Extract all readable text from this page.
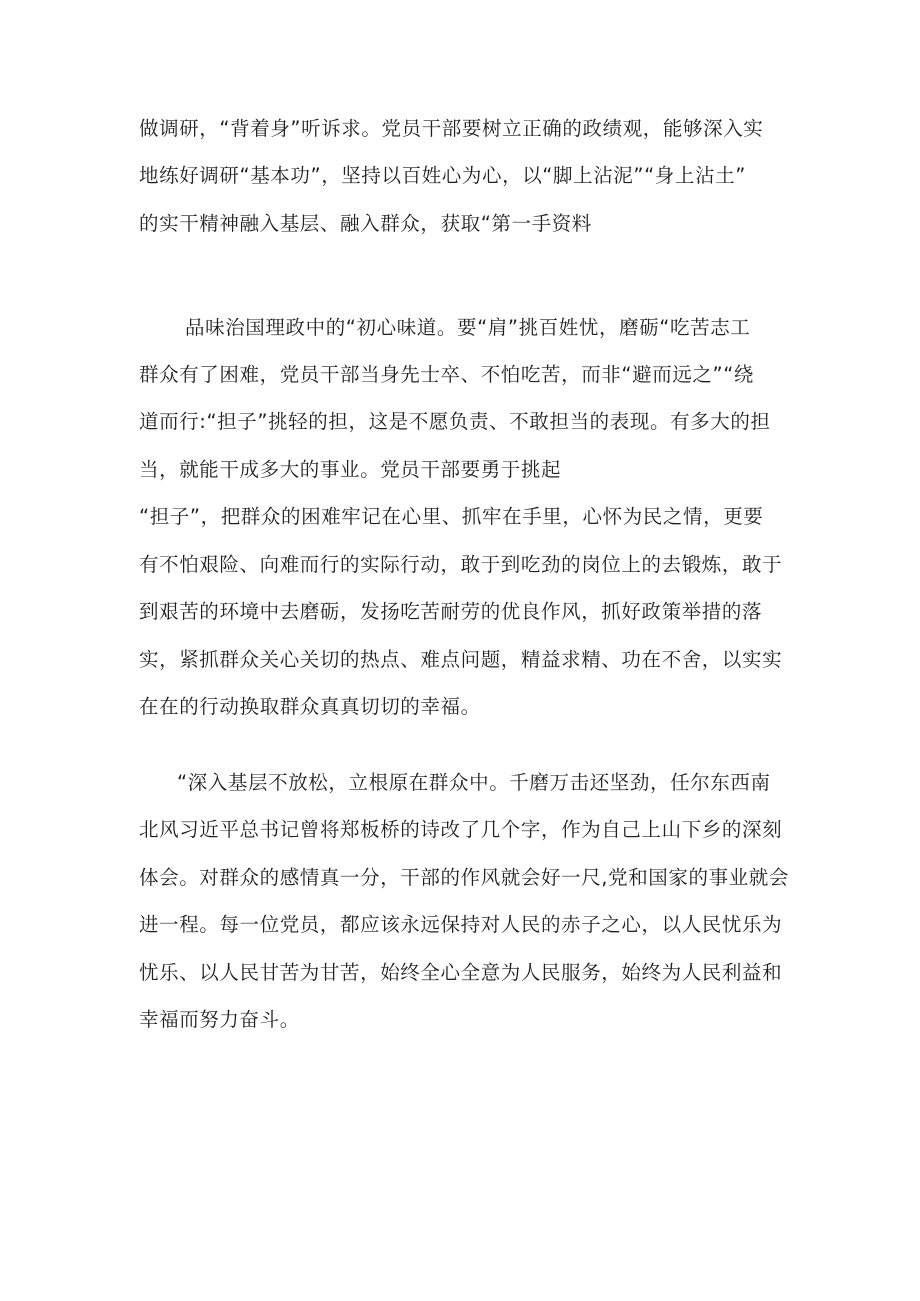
做调研，“背着身”听诉求。党员干部要树立正确的政绩观，能够深入实
地练好调研“基本功”，坚持以百姓心为心，以“脚上沾泥”“身上沾土”
的实干精神融入基层、融入群众，获取“第一手资料
品味治国理政中的“初心味道。要“肩”挑百姓忧，磨砺“吃苦志工
群众有了困难，党员干部当身先士卒、不怕吃苦，而非“避而远之”“绕
道而行:“担子”挑轻的担，这是不愿负责、不敢担当的表现。有多大的担
当，就能干成多大的事业。党员干部要勇于挑起
“担子”，把群众的困难牢记在心里、抓牢在手里，心怀为民之情，更要
有不怕艰险、向难而行的实际行动，敢于到吃劲的岗位上的去锻炼，敢于
到艰苦的环境中去磨砺，发扬吃苦耐劳的优良作风，抓好政策举措的落
实，紧抓群众关心关切的热点、难点问题，精益求精、功在不舍，以实实
在在的行动换取群众真真切切的幸福。
“深入基层不放松，立根原在群众中。千磨万击还坚劲，任尔东西南
北风习近平总书记曾将郑板桥的诗改了几个字，作为自己上山下乡的深刻
体会。对群众的感情真一分，干部的作风就会好一尺,党和国家的事业就会
进一程。每一位党员，都应该永远保持对人民的赤子之心，以人民忧乐为
忧乐、以人民甘苦为甘苦，始终全心全意为人民服务，始终为人民利益和
幸福而努力奋斗。
